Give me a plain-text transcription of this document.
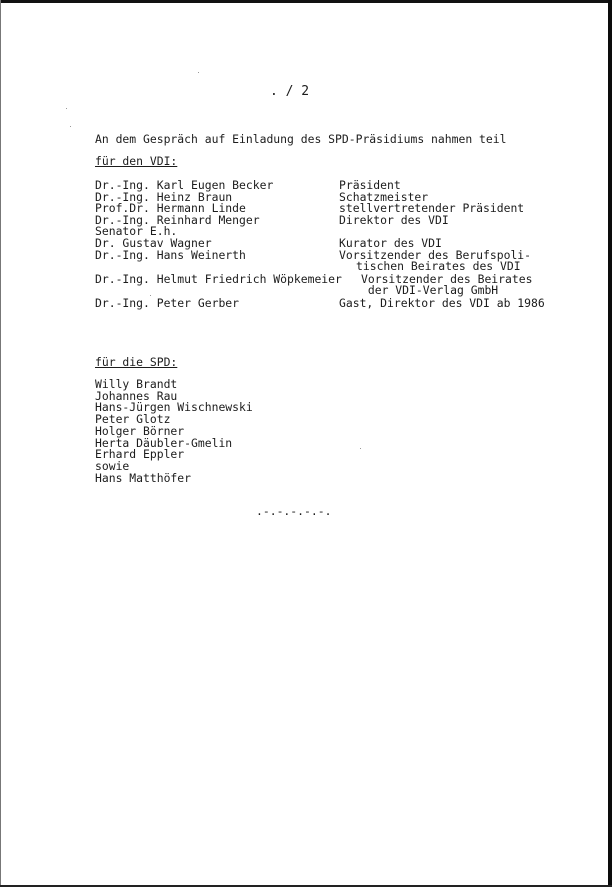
. / 2
An dem Gespräch auf Einladung des SPD-Präsidiums nahmen teil
für den VDI:
Dr.-Ing. Karl Eugen Becker	Präsident
Dr.-Ing. Heinz Braun	Schatzmeister
Prof.Dr. Hermann Linde	stellvertretender Präsident
Dr.-Ing. Reinhard Menger	Direktor des VDI
Senator E.h.
Dr. Gustav Wagner	Kurator des VDI
Dr.-Ing. Hans Weinerth	Vorsitzender des Berufspoli-
tischen Beirates des VDI
Dr.-Ing. Helmut Friedrich Wöpkemeier Vorsitzender des Beirates
der VDI-Verlag GmbH
Dr.-Ing. Peter Gerber	Gast, Direktor des VDI ab 1986
für die SPD:
Willy Brandt
Johannes Rau
Hans-Jürgen Wischnewski
Peter Glotz
Holger Börner
Herta Däubler-Gmelin
Erhard Eppler
sowie
Hans Matthöfer
.-.-.-.-.-.
